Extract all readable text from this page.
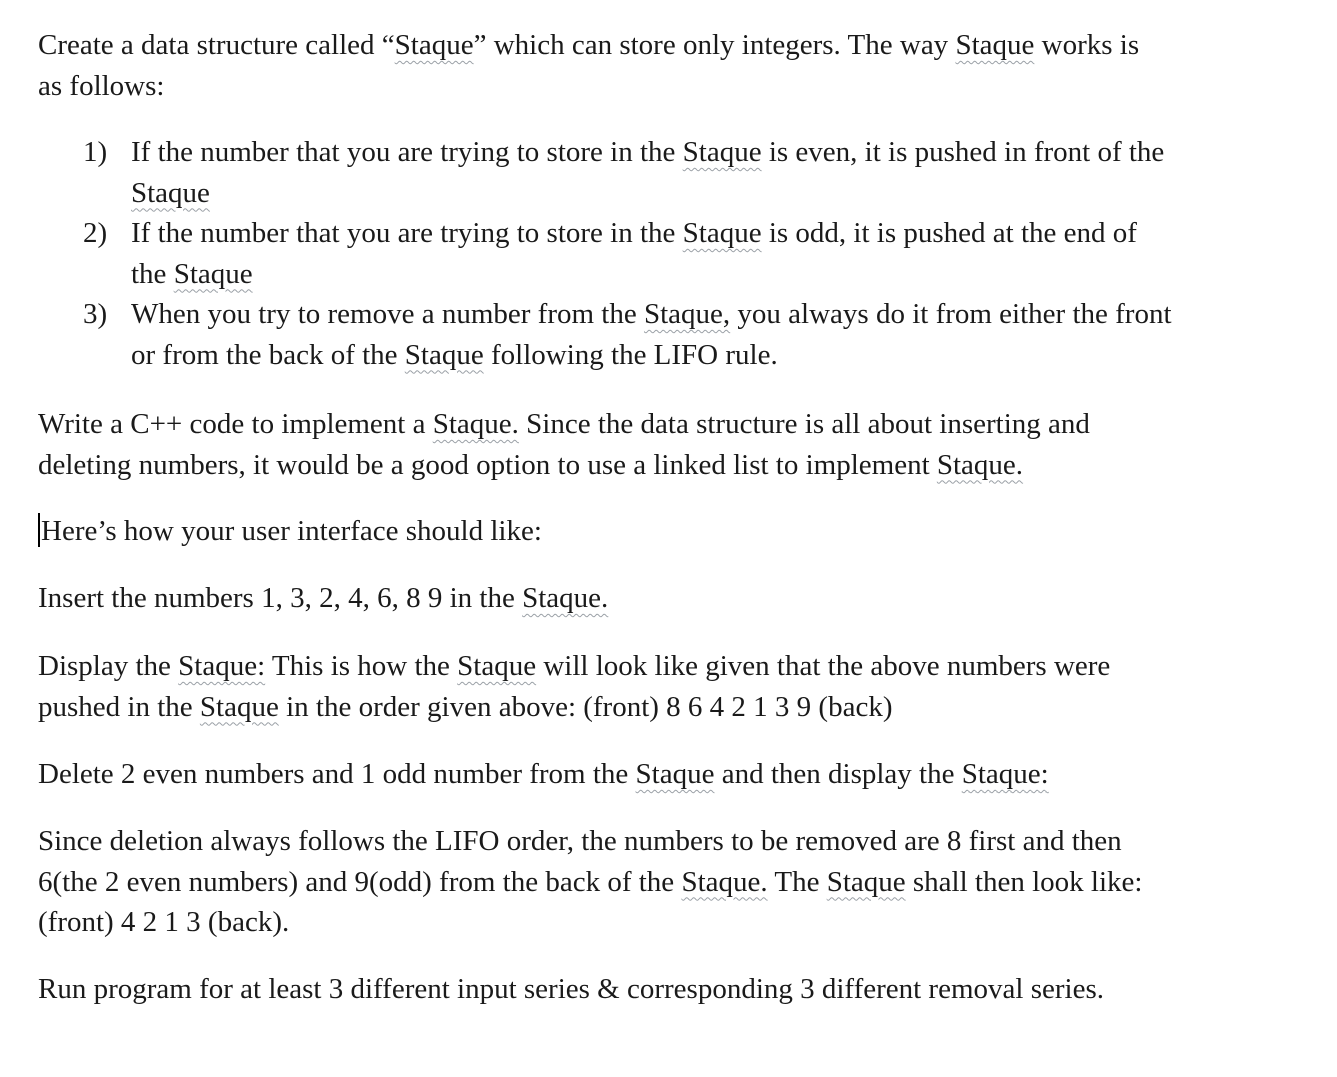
Create a data structure called “Staque” which can store only integers. The way Staque works is
as follows:

1) If the number that you are trying to store in the Staque is even, it is pushed in front of the
Staque
2) If the number that you are trying to store in the Staque is odd, it is pushed at the end of
the Staque
3) When you try to remove a number from the Staque, you always do it from either the front
or from the back of the Staque following the LIFO rule.

Write a C++ code to implement a Staque. Since the data structure is all about inserting and
deleting numbers, it would be a good option to use a linked list to implement Staque.

Here’s how your user interface should like:

Insert the numbers 1, 3, 2, 4, 6, 8 9 in the Staque.

Display the Staque: This is how the Staque will look like given that the above numbers were
pushed in the Staque in the order given above: (front) 8 6 4 2 1 3 9 (back)

Delete 2 even numbers and 1 odd number from the Staque and then display the Staque:

Since deletion always follows the LIFO order, the numbers to be removed are 8 first and then
6(the 2 even numbers) and 9(odd) from the back of the Staque. The Staque shall then look like:
(front) 4 2 1 3 (back).

Run program for at least 3 different input series & corresponding 3 different removal series.
